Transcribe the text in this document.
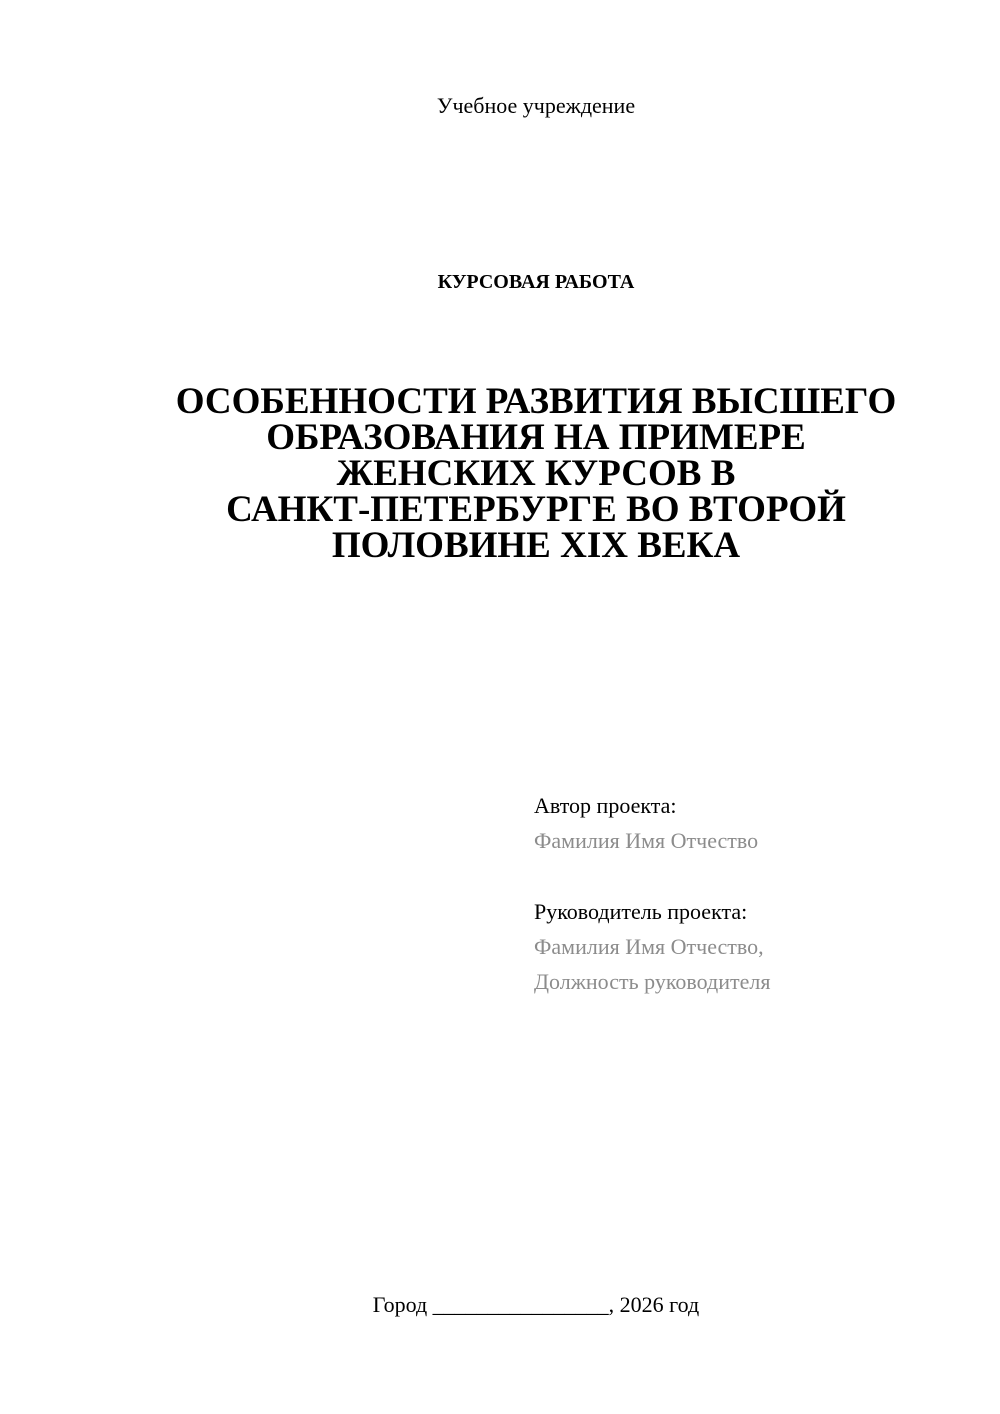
Учебное учреждение
КУРСОВАЯ РАБОТА
ОСОБЕННОСТИ РАЗВИТИЯ ВЫСШЕГО
ОБРАЗОВАНИЯ НА ПРИМЕРЕ
ЖЕНСКИХ КУРСОВ В
САНКТ-ПЕТЕРБУРГЕ ВО ВТОРОЙ
ПОЛОВИНЕ XIX ВЕКА
Автор проекта:
Фамилия Имя Отчество
Руководитель проекта:
Фамилия Имя Отчество,
Должность руководителя
Город ________________, 2026 год
